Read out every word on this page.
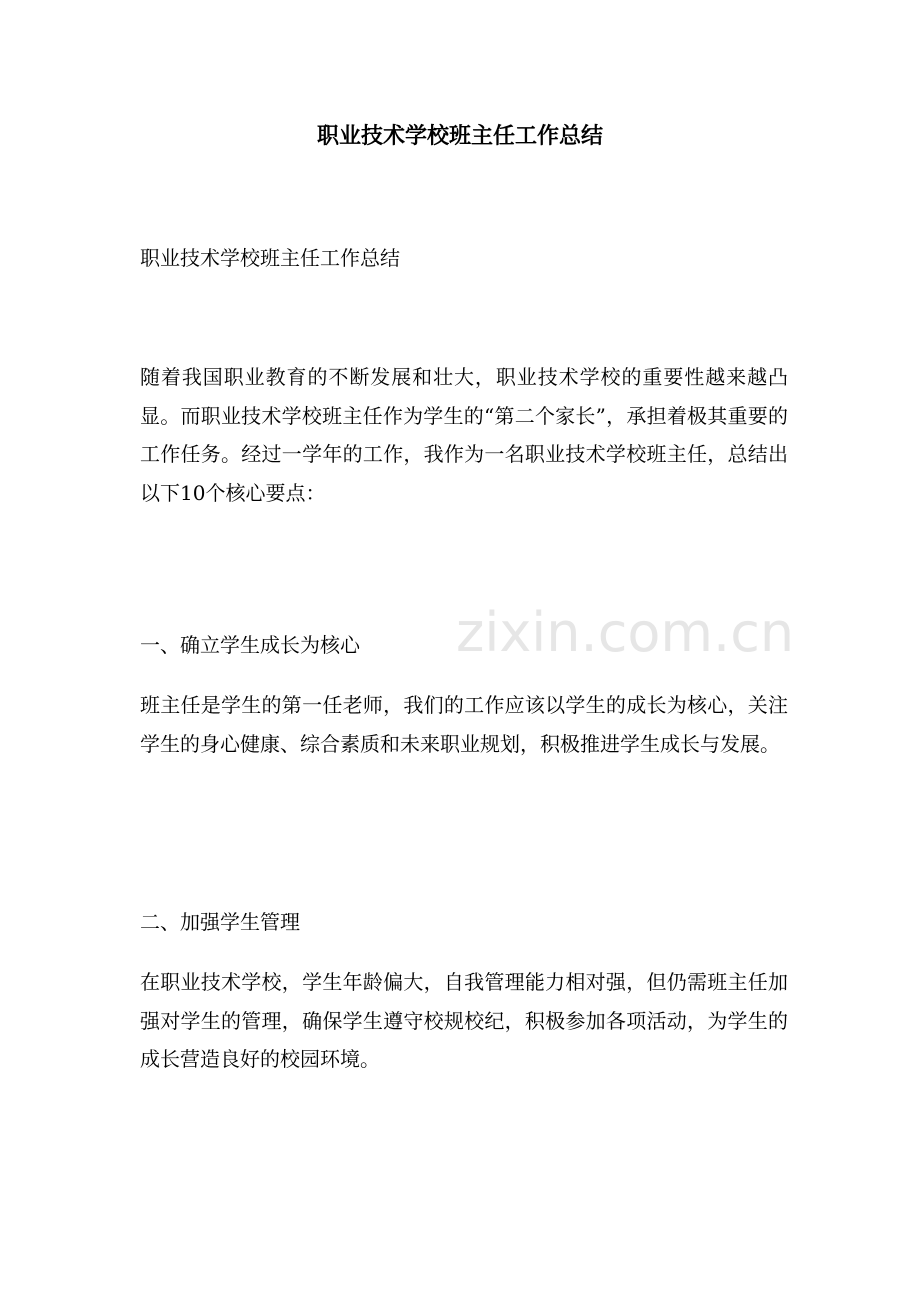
职业技术学校班主任工作总结

职业技术学校班主任工作总结

随着我国职业教育的不断发展和壮大，职业技术学校的重要性越来越凸显。而职业技术学校班主任作为学生的“第二个家长”，承担着极其重要的工作任务。经过一学年的工作，我作为一名职业技术学校班主任，总结出以下10个核心要点：

一、确立学生成长为核心

班主任是学生的第一任老师，我们的工作应该以学生的成长为核心，关注学生的身心健康、综合素质和未来职业规划，积极推进学生成长与发展。

二、加强学生管理

在职业技术学校，学生年龄偏大，自我管理能力相对强，但仍需班主任加强对学生的管理，确保学生遵守校规校纪，积极参加各项活动，为学生的成长营造良好的校园环境。

zixin.com.cn
